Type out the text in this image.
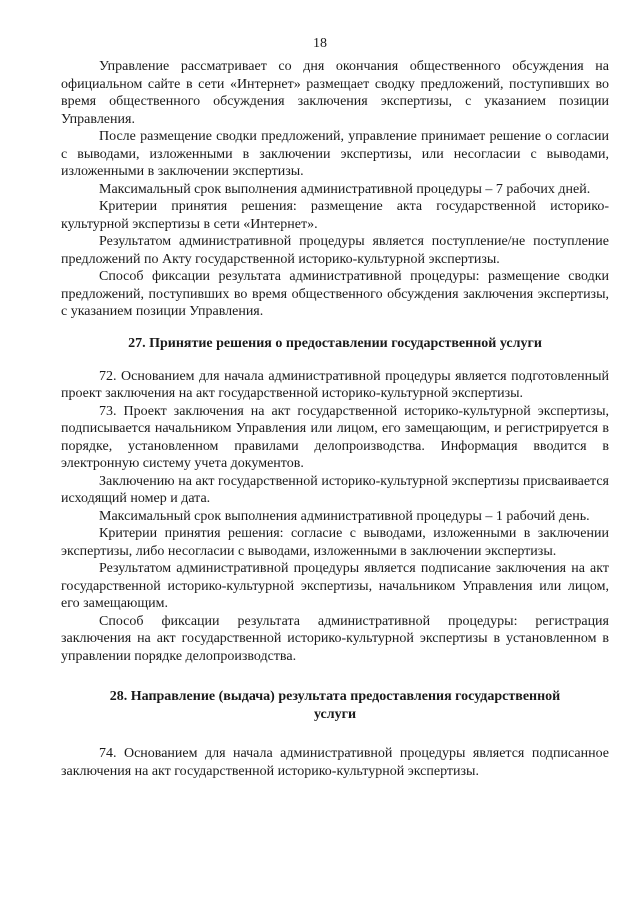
18

Управление рассматривает со дня окончания общественного обсуждения на официальном сайте в сети «Интернет» размещает сводку предложений, поступивших во время общественного обсуждения заключения экспертизы, с указанием позиции Управления.

После размещение сводки предложений, управление принимает решение о согласии с выводами, изложенными в заключении экспертизы, или несогласии с выводами, изложенными в заключении экспертизы.

Максимальный срок выполнения административной процедуры – 7 рабочих дней.

Критерии принятия решения: размещение акта государственной историко-культурной экспертизы в сети «Интернет».

Результатом административной процедуры является поступление/не поступление предложений по Акту государственной историко-культурной экспертизы.

Способ фиксации результата административной процедуры: размещение сводки предложений, поступивших во время общественного обсуждения заключения экспертизы, с указанием позиции Управления.

27. Принятие решения о предоставлении государственной услуги

72. Основанием для начала административной процедуры является подготовленный проект заключения на акт государственной историко-культурной экспертизы.

73. Проект заключения на акт государственной историко-культурной экспертизы, подписывается начальником Управления или лицом, его замещающим, и регистрируется в порядке, установленном правилами делопроизводства. Информация вводится в электронную систему учета документов.

Заключению на акт государственной историко-культурной экспертизы присваивается исходящий номер и дата.

Максимальный срок выполнения административной процедуры – 1 рабочий день.

Критерии принятия решения: согласие с выводами, изложенными в заключении экспертизы, либо несогласии с выводами, изложенными в заключении экспертизы.

Результатом административной процедуры является подписание заключения на акт государственной историко-культурной экспертизы, начальником Управления или лицом, его замещающим.

Способ фиксации результата административной процедуры: регистрация заключения на акт государственной историко-культурной экспертизы в установленном в управлении порядке делопроизводства.

28. Направление (выдача) результата предоставления государственной услуги

74. Основанием для начала административной процедуры является подписанное заключения на акт государственной историко-культурной экспертизы.
